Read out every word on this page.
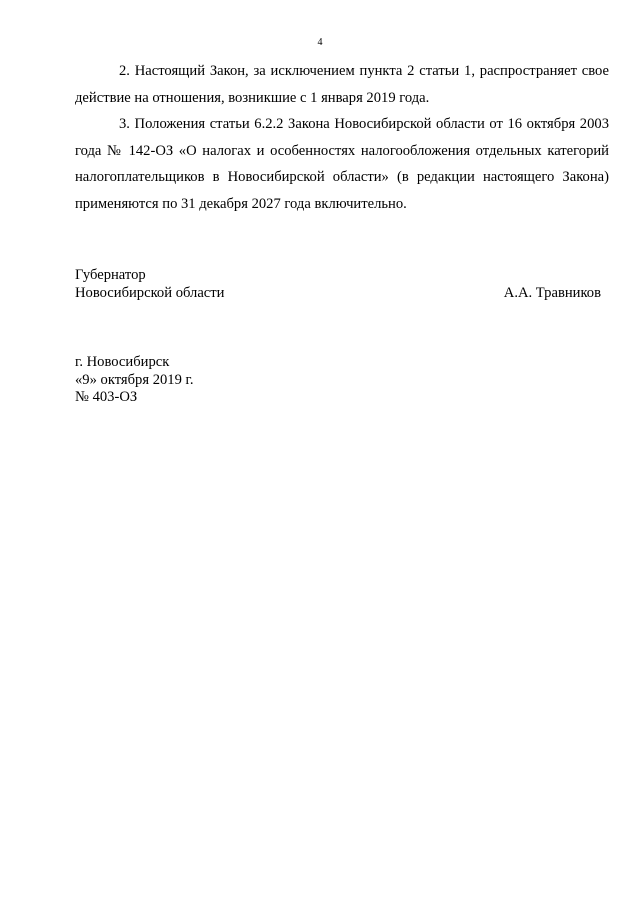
4
2. Настоящий Закон, за исключением пункта 2 статьи 1, распространяет свое действие на отношения, возникшие с 1 января 2019 года.
3. Положения статьи 6.2.2 Закона Новосибирской области от 16 октября 2003 года № 142-ОЗ «О налогах и особенностях налогообложения отдельных категорий налогоплательщиков в Новосибирской области» (в редакции настоящего Закона) применяются по 31 декабря 2027 года включительно.
Губернатор
Новосибирской области	А.А. Травников
г. Новосибирск
«9» октября 2019 г.
№ 403-ОЗ
